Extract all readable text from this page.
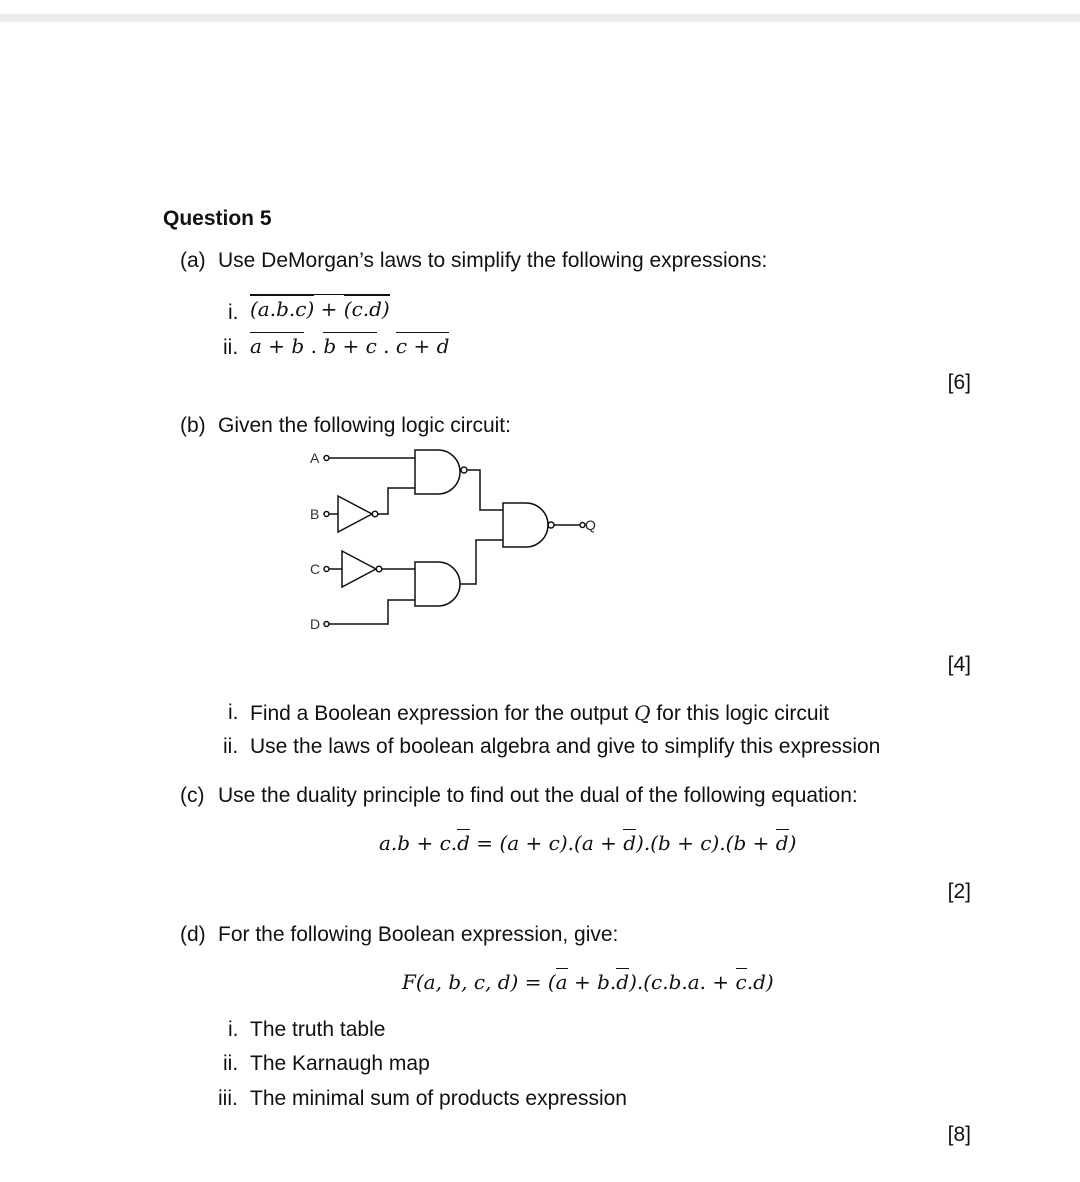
Question 5
(a) Use DeMorgan’s laws to simplify the following expressions:
i. (a.b.c) + (c.d)
ii. a + b . b + c . c + d
[6]
(b) Given the following logic circuit:
A
B
C
D
Q
[4]
i. Find a Boolean expression for the output Q for this logic circuit
ii. Use the laws of boolean algebra and give to simplify this expression
(c) Use the duality principle to find out the dual of the following equation:
a.b + c.d = (a + c).(a + d).(b + c).(b + d)
[2]
(d) For the following Boolean expression, give:
F(a, b, c, d) = (a + b.d).(c.b.a. + c.d)
i. The truth table
ii. The Karnaugh map
iii. The minimal sum of products expression
[8]
